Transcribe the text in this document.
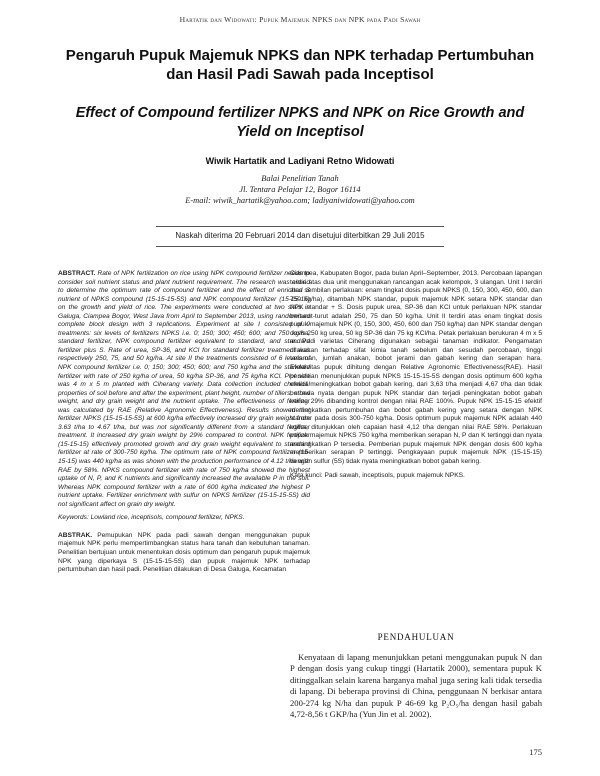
Hartatik dan Widowati: Pupuk Majemuk NPKS dan NPK pada Padi Sawah
Pengaruh Pupuk Majemuk NPKS dan NPK terhadap Pertumbuhan dan Hasil Padi Sawah pada Inceptisol
Effect of Compound fertilizer NPKS and NPK on Rice Growth and Yield on Inceptisol
Wiwik Hartatik and Ladiyani Retno Widowati
Balai Penelitian Tanah
Jl. Tentara Pelajar 12, Bogor 16114
E-mail: wiwik_hartatik@yahoo.com; ladiyaniwidowati@yahoo.com
Naskah diterima 20 Februari 2014 dan disetujui diterbitkan 29 Juli 2015

ABSTRACT. Rate of NPK fertilization on rice using NPK compound fertilizer needs to consider soil nutrient status and plant nutrient requirement. The research was aimed to determine the optimum rate of compound fertilizer and the effect of enriched S nutrient of NPKS compound (15-15-15-5S) and NPK compound fertilizer (15-15-15) on the growth and yield of rice. The experiments were conducted at two sites in Galuga, Ciampea Bogor, West Java from April to September 2013, using randomised complete block design with 3 replications. Experiment at site I consisted of 9 treatments: six levels of fertilizers NPKS i.e. 0; 150; 300; 450; 600; and 750 kg/ha, standard fertilizer, NPK compound fertilizer equivalent to standard, and standard fertilizer plus S. Rate of urea, SP-36, and KCl for standard fertilizer treatment was respectively 250, 75, and 50 kg/ha. At site II the treatments consisted of 6 levels of NPK compound fertilizer i.e. 0; 150; 300; 450; 600; and 750 kg/ha and the standard fertilizer with rate of 250 kg/ha of urea, 50 kg/ha SP-36, and 75 kg/ha KCl. Plot size was 4 m x 5 m planted with Ciherang variety. Data collection included chemical properties of soil before and after the experiment, plant height, number of tillers, straw weight, and dry grain weight and the nutrient uptake. The effectiveness of fertilizer was calculated by RAE (Relative Agronomic Effectiveness). Results showed that fertilizer NPKS (15-15-15-5S) at 600 kg/ha effectively increased dry grain weight from 3.63 t/ha to 4.67 t/ha, but was not significantly different from a standard fertilizer treatment. It increased dry grain weight by 29% compared to control. NPK fertilizer (15-15-15) effectively promoted growth and dry grain weight equivalent to standard fertilizer at rate of 300-750 kg/ha. The optimum rate of NPK compound fertilizer (15-15-15) was 440 kg/ha as was shown with the production performance of 4.12 t/ha with RAE by 58%. NPKS compound fertilizer with rate of 750 kg/ha showed the highest uptake of N, P, and K nutrients and significantly increased the available P in the soil. Whereas NPK compound fertilizer with a rate of 600 kg/ha indicated the highest P nutrient uptake. Fertilizer enrichment with sulfur on NPKS fertilizer (15-15-15-5S) did not significant affect on grain dry weight.

Keywords: Lowland rice, inceptisols, compound fertilizer, NPKS.

ABSTRAK. Pemupukan NPK pada padi sawah dengan menggunakan pupuk majemuk NPK perlu mempertimbangkan status hara tanah dan kebutuhan tanaman. Penelitian bertujuan untuk menentukan dosis optimum dan pengaruh pupuk majemuk NPK yang diperkaya S (15-15-15-5S) dan pupuk majemuk NPK terhadap pertumbuhan dan hasil padi. Penelitian dilakukan di Desa Galuga, Kecamatan

Ciampea, Kabupaten Bogor, pada bulan April–September, 2013. Percobaan lapangan terdiri atas dua unit menggunakan rancangan acak kelompok, 3 ulangan. Unit I terdiri atas sembilan perlakuan: enam tingkat dosis pupuk NPKS (0, 150, 300, 450, 600, dan 750 kg/ha), ditambah NPK standar, pupuk majemuk NPK setara NPK standar dan NPK standar + S. Dosis pupuk urea, SP-36 dan KCl untuk perlakuan NPK standar berturut-turut adalah 250, 75 dan 50 kg/ha. Unit II terdiri atas enam tingkat dosis pupuk majemuk NPK (0, 150, 300, 450, 600 dan 750 kg/ha) dan NPK standar dengan dosis 250 kg urea, 50 kg SP-36 dan 75 kg KCl/ha. Petak perlakuan berukuran 4 m x 5 m. Padi varietas Ciherang digunakan sebagai tanaman indikator. Pengamatan dilakukan terhadap sifat kimia tanah sebelum dan sesudah percobaan, tinggi tanaman, jumlah anakan, bobot jerami dan gabah kering dan serapan hara. Efektivitas pupuk dihitung dengan Relative Agronomic Effectiveness(RAE). Hasil penelitian menunjukkan pupuk NPKS 15-15-15-5S dengan dosis optimum 600 kg/ha efektif meningkatkan bobot gabah kering, dari 3,63 t/ha menjadi 4,67 t/ha dan tidak berbeda nyata dengan pupuk NPK standar dan terjadi peningkatan bobot gabah kering 29% dibanding kontrol dengan nilai RAE 100%. Pupuk NPK 15-15-15 efektif meningkatkan pertumbuhan dan bobot gabah kering yang setara dengan NPK standar pada dosis 300-750 kg/ha. Dosis optimum pupuk majemuk NPK adalah 440 kg/ha, ditunjukkan oleh capaian hasil 4,12 t/ha dengan nilai RAE 58%. Perlakuan pupuk majemuk NPKS 750 kg/ha memberikan serapan N, P dan K tertinggi dan nyata meningkatkan P tersedia. Pemberian pupuk majemuk NPK dengan dosis 600 kg/ha memberikan serapan P tertinggi. Pengkayaan pupuk majemuk NPK (15-15-15) dengan sulfur (5S) tidak nyata meningkatkan bobot gabah kering.

Kata kunci: Padi sawah, inceptisols, pupuk majemuk NPKS.

PENDAHULUAN
Kenyataan di lapang menunjukkan petani menggunakan pupuk N dan P dengan dosis yang cukup tinggi (Hartatik 2000), sementara pupuk K ditinggalkan selain karena harganya mahal juga sering kali tidak tersedia di lapang. Di beberapa provinsi di China, penggunaan N berkisar antara 200-274 kg N/ha dan pupuk P 46-69 kg P₂O₅/ha dengan hasil gabah 4,72-8,56 t GKP/ha (Yun Jin et al. 2002).
175
